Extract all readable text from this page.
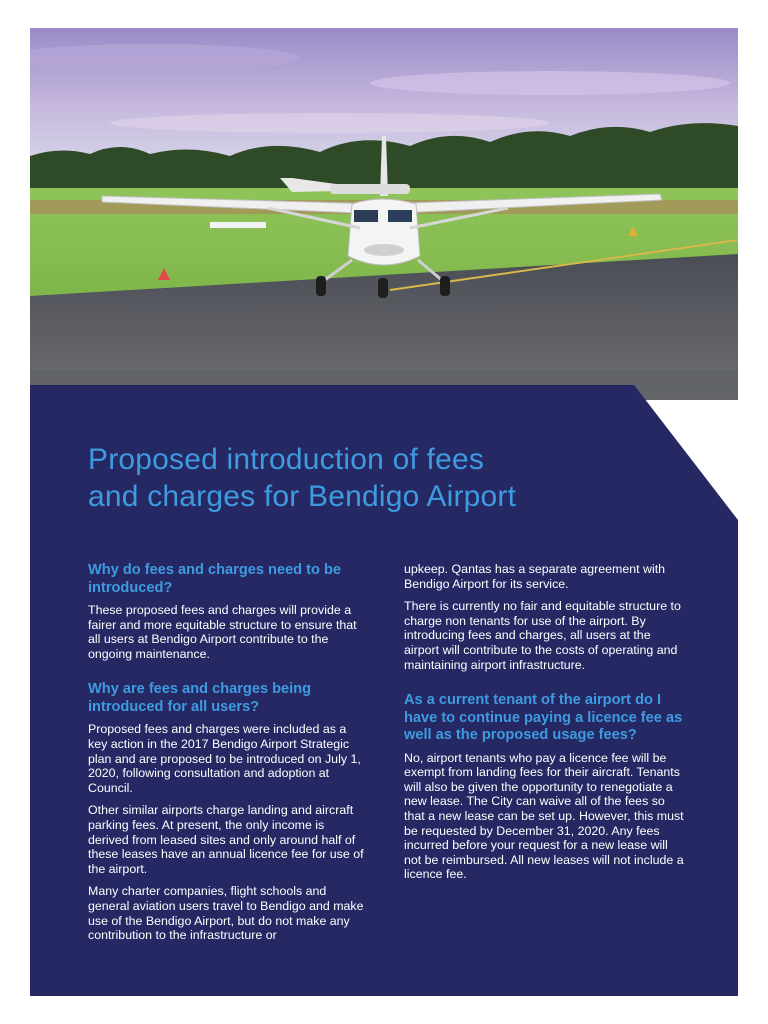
Proposed introduction of fees
and charges for Bendigo Airport
Why do fees and charges need to be introduced?

These proposed fees and charges will provide a fairer and more equitable structure to ensure that all users at Bendigo Airport contribute to the ongoing maintenance.

Why are fees and charges being introduced for all users?

Proposed fees and charges were included as a key action in the 2017 Bendigo Airport Strategic plan and are proposed to be introduced on July 1, 2020, following consultation and adoption at Council.

Other similar airports charge landing and aircraft parking fees. At present, the only income is derived from leased sites and only around half of these leases have an annual licence fee for use of the airport.

Many charter companies, flight schools and general aviation users travel to Bendigo and make use of the Bendigo Airport, but do not make any contribution to the infrastructure or

upkeep. Qantas has a separate agreement with Bendigo Airport for its service.

There is currently no fair and equitable structure to charge non tenants for use of the airport. By introducing fees and charges, all users at the airport will contribute to the costs of operating and maintaining airport infrastructure.

As a current tenant of the airport do I have to continue paying a licence fee as well as the proposed usage fees?

No, airport tenants who pay a licence fee will be exempt from landing fees for their aircraft. Tenants will also be given the opportunity to renegotiate a new lease. The City can waive all of the fees so that a new lease can be set up. However, this must be requested by December 31, 2020. Any fees incurred before your request for a new lease will not be reimbursed. All new leases will not include a licence fee.
